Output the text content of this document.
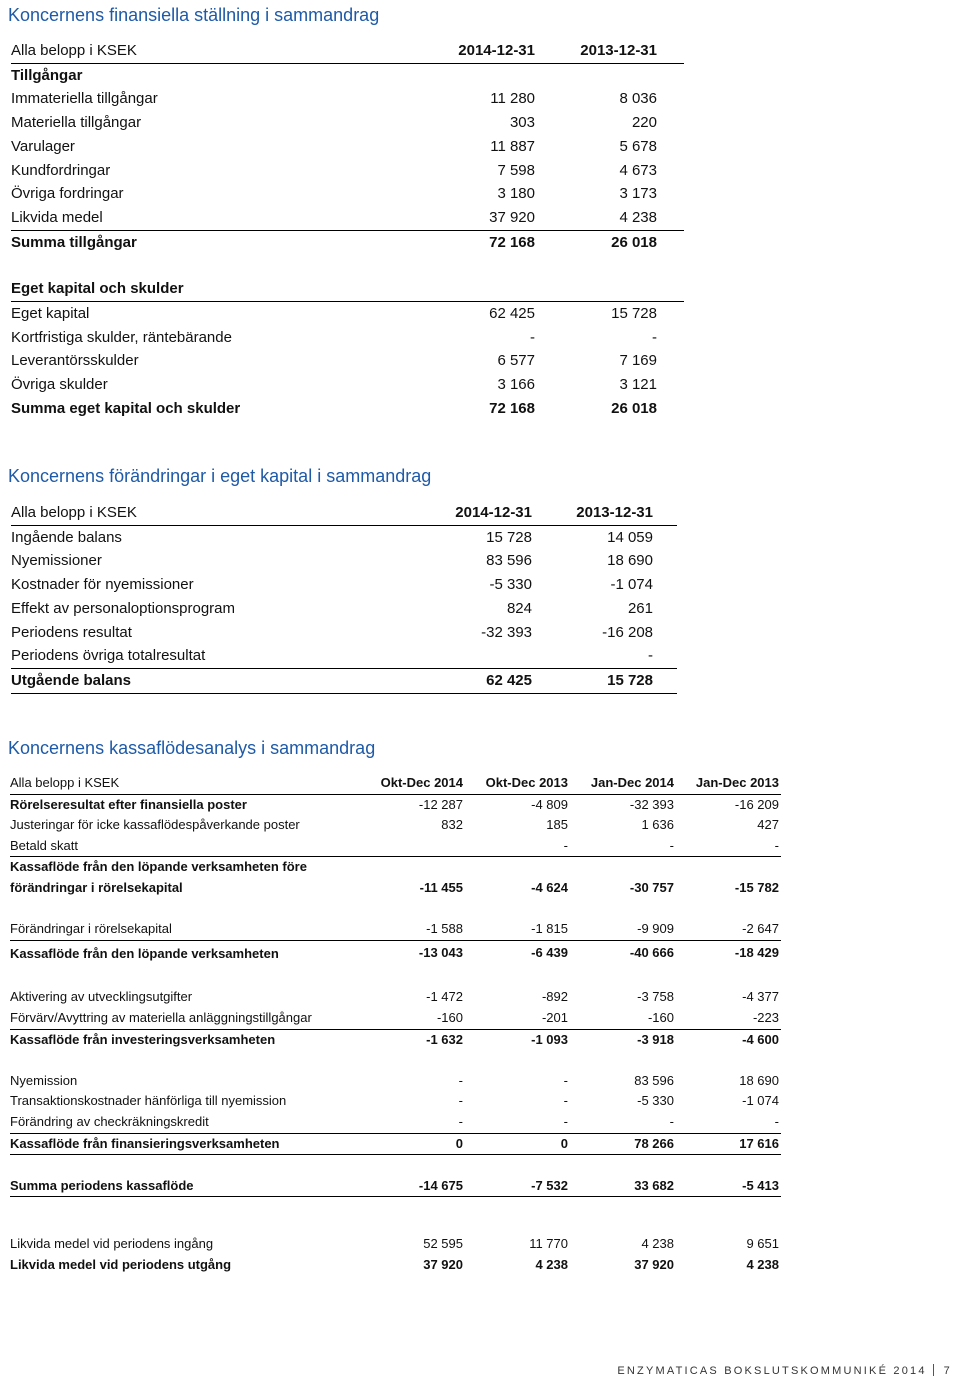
Koncernens finansiella ställning i sammandrag
Alla belopp i KSEK	2014-12-31	2013-12-31	
Tillgångar			
Immateriella tillgångar	11 280	8 036	
Materiella tillgångar	303	220	
Varulager	11 887	5 678	
Kundfordringar	7 598	4 673	
Övriga fordringar	3 180	3 173	
Likvida medel	37 920	4 238	
Summa tillgångar	72 168	26 018	

Eget kapital och skulder			
Eget kapital	62 425	15 728	
Kortfristiga skulder, räntebärande	-	-	
Leverantörsskulder	6 577	7 169	
Övriga skulder	3 166	3 121	
Summa eget kapital och skulder	72 168	26 018	
Koncernens förändringar i eget kapital i sammandrag
Alla belopp i KSEK	2014-12-31	2013-12-31	
Ingående balans	15 728	14 059	
Nyemissioner	83 596	18 690	
Kostnader för nyemissioner	-5 330	-1 074	
Effekt av personaloptionsprogram	824	261	
Periodens resultat	-32 393	-16 208	
Periodens övriga totalresultat		-	
Utgående balans	62 425	15 728	
Koncernens kassaflödesanalys i sammandrag
Alla belopp i KSEK	Okt-Dec 2014	Okt-Dec 2013	Jan-Dec 2014	Jan-Dec 2013	
Rörelseresultat efter finansiella poster	-12 287	-4 809	-32 393	-16 209	
Justeringar för icke kassaflödespåverkande poster	832	185	1 636	427	
Betald skatt		-	-	-	
Kassaflöde från den löpande verksamheten före					
förändringar i rörelsekapital	-11 455	-4 624	-30 757	-15 782	

Förändringar i rörelsekapital	-1 588	-1 815	-9 909	-2 647	
Kassaflöde från den löpande verksamheten	-13 043	-6 439	-40 666	-18 429	

Aktivering av utvecklingsutgifter	-1 472	-892	-3 758	-4 377	
Förvärv/Avyttring av materiella anläggningstillgångar	-160	-201	-160	-223	
Kassaflöde från investeringsverksamheten	-1 632	-1 093	-3 918	-4 600	

Nyemission	-	-	83 596	18 690	
Transaktionskostnader hänförliga till nyemission	-	-	-5 330	-1 074	
Förändring av checkräkningskredit	-	-	-	-	
Kassaflöde från finansieringsverksamheten	0	0	78 266	17 616	

Summa periodens kassaflöde	-14 675	-7 532	33 682	-5 413	

Likvida medel vid periodens ingång	52 595	11 770	4 238	9 651	
Likvida medel vid periodens utgång	37 920	4 238	37 920	4 238	
ENZYMATICAS BOKSLUTSKOMMUNIKÉ 2014 7
